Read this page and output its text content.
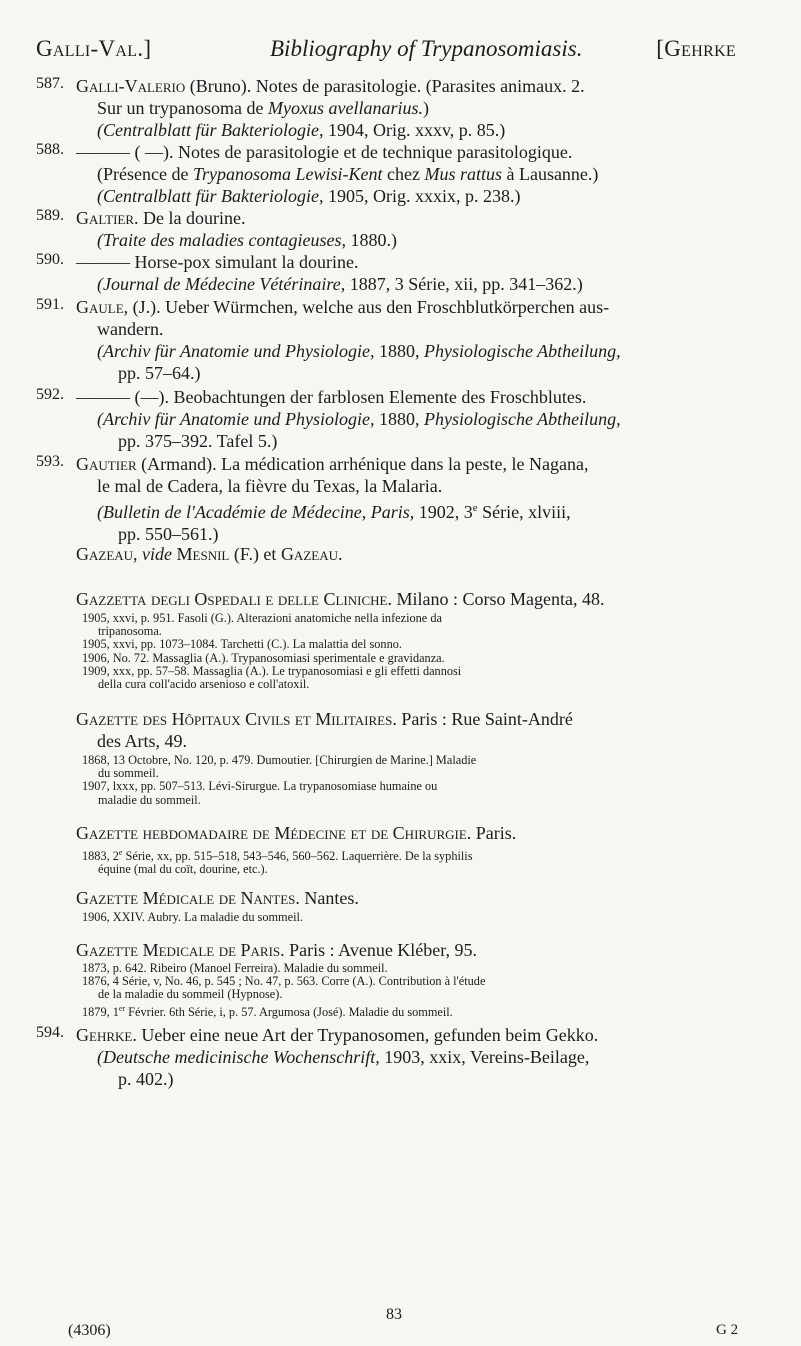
Galli-Val.]	Bibliography of Trypanosomiasis.	[Gehrke
587. Galli-Valerio (Bruno). Notes de parasitologie. (Parasites animaux. 2.
Sur un trypanosoma de Myoxus avellanarius.)
(Centralblatt für Bakteriologie, 1904, Orig. xxxv, p. 85.)
588. ——— ( —). Notes de parasitologie et de technique parasitologique.
(Présence de Trypanosoma Lewisi-Kent chez Mus rattus à Lausanne.)
(Centralblatt für Bakteriologie, 1905, Orig. xxxix, p. 238.)
589. Galtier. De la dourine.
(Traite des maladies contagieuses, 1880.)
590. ——— Horse-pox simulant la dourine.
(Journal de Médecine Vétérinaire, 1887, 3 Série, xii, pp. 341–362.)
591. Gaule, (J.). Ueber Würmchen, welche aus den Froschblutkörperchen aus-
wandern.
(Archiv für Anatomie und Physiologie, 1880, Physiologische Abtheilung,
pp. 57–64.)
592. ——— (—). Beobachtungen der farblosen Elemente des Froschblutes.
(Archiv für Anatomie und Physiologie, 1880, Physiologische Abtheilung,
pp. 375–392. Tafel 5.)
593. Gautier (Armand). La médication arrhénique dans la peste, le Nagana,
le mal de Cadera, la fièvre du Texas, la Malaria.
(Bulletin de l'Académie de Médecine, Paris, 1902, 3e Série, xlviii,
pp. 550–561.)
Gazeau, vide Mesnil (F.) et Gazeau.
Gazzetta degli Ospedali e delle Cliniche. Milano : Corso Magenta, 48.
1905, xxvi, p. 951. Fasoli (G.). Alterazioni anatomiche nella infezione da
tripanosoma.
1905, xxvi, pp. 1073–1084. Tarchetti (C.). La malattia del sonno.
1906, No. 72. Massaglia (A.). Trypanosomiasi sperimentale e gravidanza.
1909, xxx, pp. 57–58. Massaglia (A.). Le trypanosomiasi e gli effetti dannosi
della cura coll'acido arsenioso e coll'atoxil.
Gazette des Hôpitaux Civils et Militaires. Paris : Rue Saint-André
des Arts, 49.
1868, 13 Octobre, No. 120, p. 479. Dumoutier. [Chirurgien de Marine.] Maladie
du sommeil.
1907, lxxx, pp. 507–513. Lévi-Sirurgue. La trypanosomiase humaine ou
maladie du sommeil.
Gazette hebdomadaire de Médecine et de Chirurgie. Paris.
1883, 2e Série, xx, pp. 515–518, 543–546, 560–562. Laquerrière. De la syphilis
équine (mal du coït, dourine, etc.).
Gazette Médicale de Nantes. Nantes.
1906, XXIV. Aubry. La maladie du sommeil.
Gazette Medicale de Paris. Paris : Avenue Kléber, 95.
1873, p. 642. Ribeiro (Manoel Ferreira). Maladie du sommeil.
1876, 4 Série, v, No. 46, p. 545 ; No. 47, p. 563. Corre (A.). Contribution à l'étude
de la maladie du sommeil (Hypnose).
1879, 1er Février. 6th Série, i, p. 57. Argumosa (José). Maladie du sommeil.
594. Gehrke. Ueber eine neue Art der Trypanosomen, gefunden beim Gekko.
(Deutsche medicinische Wochenschrift, 1903, xxix, Vereins-Beilage,
p. 402.)
83
(4306)	G 2
